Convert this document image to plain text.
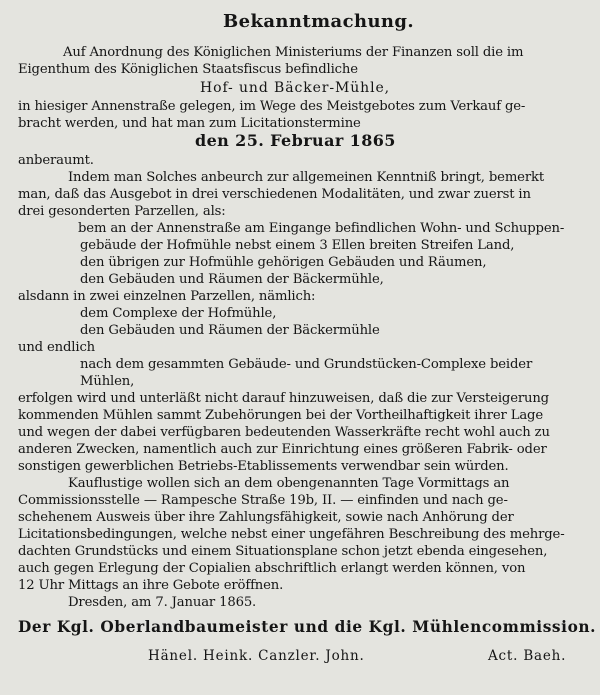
Bekanntmachung.
Auf Anordnung des Königlichen Ministeriums der Finanzen soll die im
Eigenthum des Königlichen Staatsfiscus befindliche
Hof- und Bäcker-Mühle,
in hiesiger Annenstraße gelegen, im Wege des Meistgebotes zum Verkauf ge-
bracht werden, und hat man zum Licitationstermine
den 25. Februar 1865
anberaumt.
Indem man Solches anbeurch zur allgemeinen Kenntniß bringt, bemerkt
man, daß das Ausgebot in drei verschiedenen Modalitäten, und zwar zuerst in
drei gesonderten Parzellen, als:
bem an der Annenstraße am Eingange befindlichen Wohn- und Schuppen-
gebäude der Hofmühle nebst einem 3 Ellen breiten Streifen Land,
den übrigen zur Hofmühle gehörigen Gebäuden und Räumen,
den Gebäuden und Räumen der Bäckermühle,
alsdann in zwei einzelnen Parzellen, nämlich:
dem Complexe der Hofmühle,
den Gebäuden und Räumen der Bäckermühle
und endlich
nach dem gesammten Gebäude- und Grundstücken-Complexe beider
Mühlen,
erfolgen wird und unterläßt nicht darauf hinzuweisen, daß die zur Versteigerung
kommenden Mühlen sammt Zubehörungen bei der Vortheilhaftigkeit ihrer Lage
und wegen der dabei verfügbaren bedeutenden Wasserkräfte recht wohl auch zu
anderen Zwecken, namentlich auch zur Einrichtung eines größeren Fabrik- oder
sonstigen gewerblichen Betriebs-Etablissements verwendbar sein würden.
Kauflustige wollen sich an dem obengenannten Tage Vormittags an
Commissionsstelle — Rampesche Straße 19b, II. — einfinden und nach ge-
schehenem Ausweis über ihre Zahlungsfähigkeit, sowie nach Anhörung der
Licitationsbedingungen, welche nebst einer ungefähren Beschreibung des mehrge-
dachten Grundstücks und einem Situationsplane schon jetzt ebenda eingesehen,
auch gegen Erlegung der Copialien abschriftlich erlangt werden können, von
12 Uhr Mittags an ihre Gebote eröffnen.
Dresden, am 7. Januar 1865.
Der Kgl. Oberlandbaumeister und die Kgl. Mühlencommission.
Hänel. Heink. Canzler. John.	Act. Baeh.
